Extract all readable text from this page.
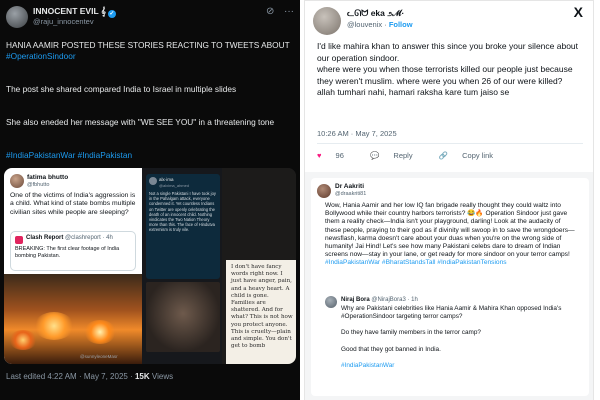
INNOCENT EVIL 𝄞 ✓
@raju_innocentev
⊘ ···
HANIA AAMIR POSTED THESE STORIES REACTING TO TWEETS ABOUT
#OperationSindoor
The post she shared compared India to Israel in multiple slides
She also eneded her message with "WE SEE YOU" in a threatening tone
#IndiaPakistanWar #IndiaPakistan
fatima bhutto
@fbhutto
One of the victims of India's aggression is a child. What kind of state bombs multiple civilian sites while people are sleeping?
Clash Report @clashreport · 4h
BREAKING: The first clear footage of India bombing Pakistan.
alx·ima
@alxima_ahmed
Not a single Pakistani I have took joy in the Pahalgam attack, everyone condemned it. Yet countless Indians on Twitter are openly celebrating the death of an innocent child. Nothing vindicates the Two Nation Theory more than this. The face of Hindutva extremism is truly vile.
I don't have fancy words right now. I just have anger, pain, and a heavy heart. A child is gone. Families are shattered. And for what? This is not how you protect anyone. This is cruelty—plain and simple. You don't get to bomb
@sunnyleoneMasr
Last edited 4:22 AM · May 7, 2025 · 15K Views
ᓚᘏᗢ eka ೨ℳ·
@louvenix · Follow
X
I'd like mahira khan to answer this since you broke your silence about our operation sindoor.
where were you when those terrorists killed our people just because they weren't muslim. where were you when 26 of our were killed?
allah tumhari nahi, hamari raksha kare tum jaiso se
10:26 AM · May 7, 2025
♥ 96	💬 Reply	🔗 Copy link
Dr Aakriti
@draakriti81
Wow, Hania Aamir and her low IQ fan brigade really thought they could waltz into Bollywood while their country harbors terrorists? 😂🔥 Operation Sindoor just gave them a reality check—India isn't your playground, darling! Look at the audacity of these people, praying to their god as if divinity will swoop in to save the wrongdoers—newsflash, karma doesn't care about your duas when you're on the wrong side of humanity! Jai Hind! Let's see how many Pakistani celebs dare to dream of Indian screens now—stay in your lane, or get ready for more sindoor on your terror camps! #IndiaPakistanWar #BharatStandsTall #IndiaPakistanTensions
Niraj Bora @NirajBora3 · 1h

Why are Pakistani celebrities like Hania Aamir & Mahira Khan opposed India's #OperationSindoor targeting terror camps?

Do they have family members in the terror camp?

Good that they got banned in India.

#IndiaPakistanWar
